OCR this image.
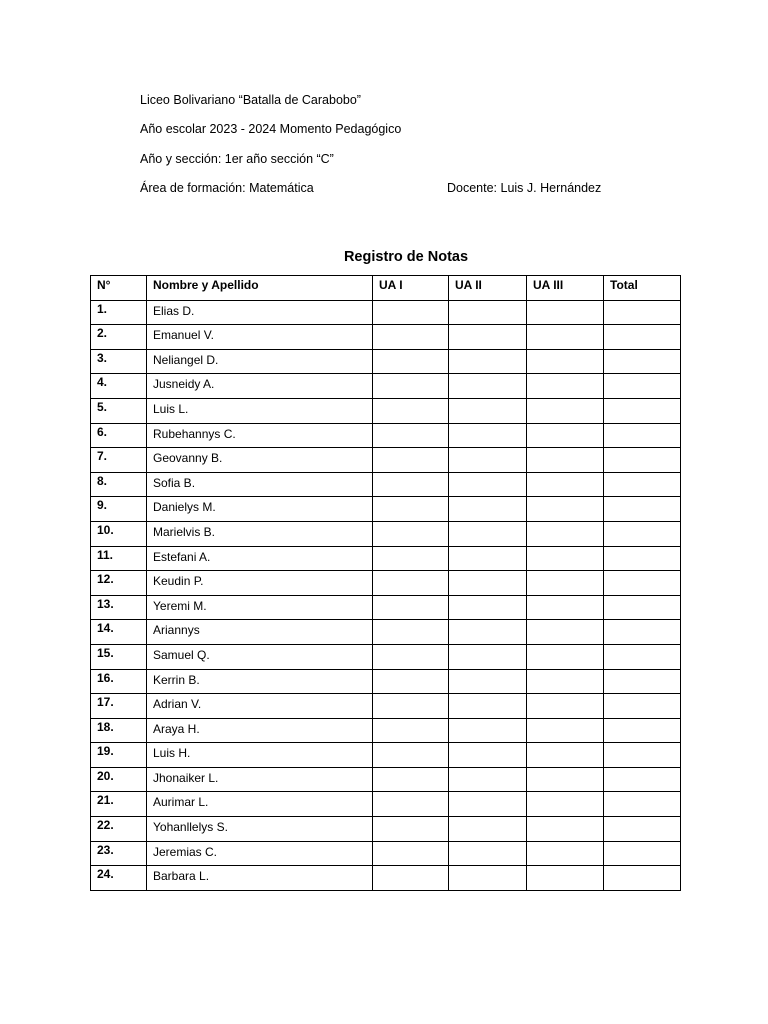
Liceo Bolivariano “Batalla de Carabobo”
Año escolar 2023 - 2024 Momento Pedagógico
Año y sección: 1er año sección “C”
Área de formación: Matemática	Docente: Luis J. Hernández
Registro de Notas
N°	Nombre y Apellido	UA I	UA II	UA III	Total
1.	Elias D.				
2.	Emanuel V.				
3.	Neliangel D.				
4.	Jusneidy A.				
5.	Luis L.				
6.	Rubehannys C.				
7.	Geovanny B.				
8.	Sofia B.				
9.	Danielys M.				
10.	Marielvis B.				
11.	Estefani A.				
12.	Keudin P.				
13.	Yeremi M.				
14.	Ariannys				
15.	Samuel Q.				
16.	Kerrin B.				
17.	Adrian V.				
18.	Araya H.				
19.	Luis H.				
20.	Jhonaiker L.				
21.	Aurimar L.				
22.	Yohanllelys S.				
23.	Jeremias C.				
24.	Barbara L.				
